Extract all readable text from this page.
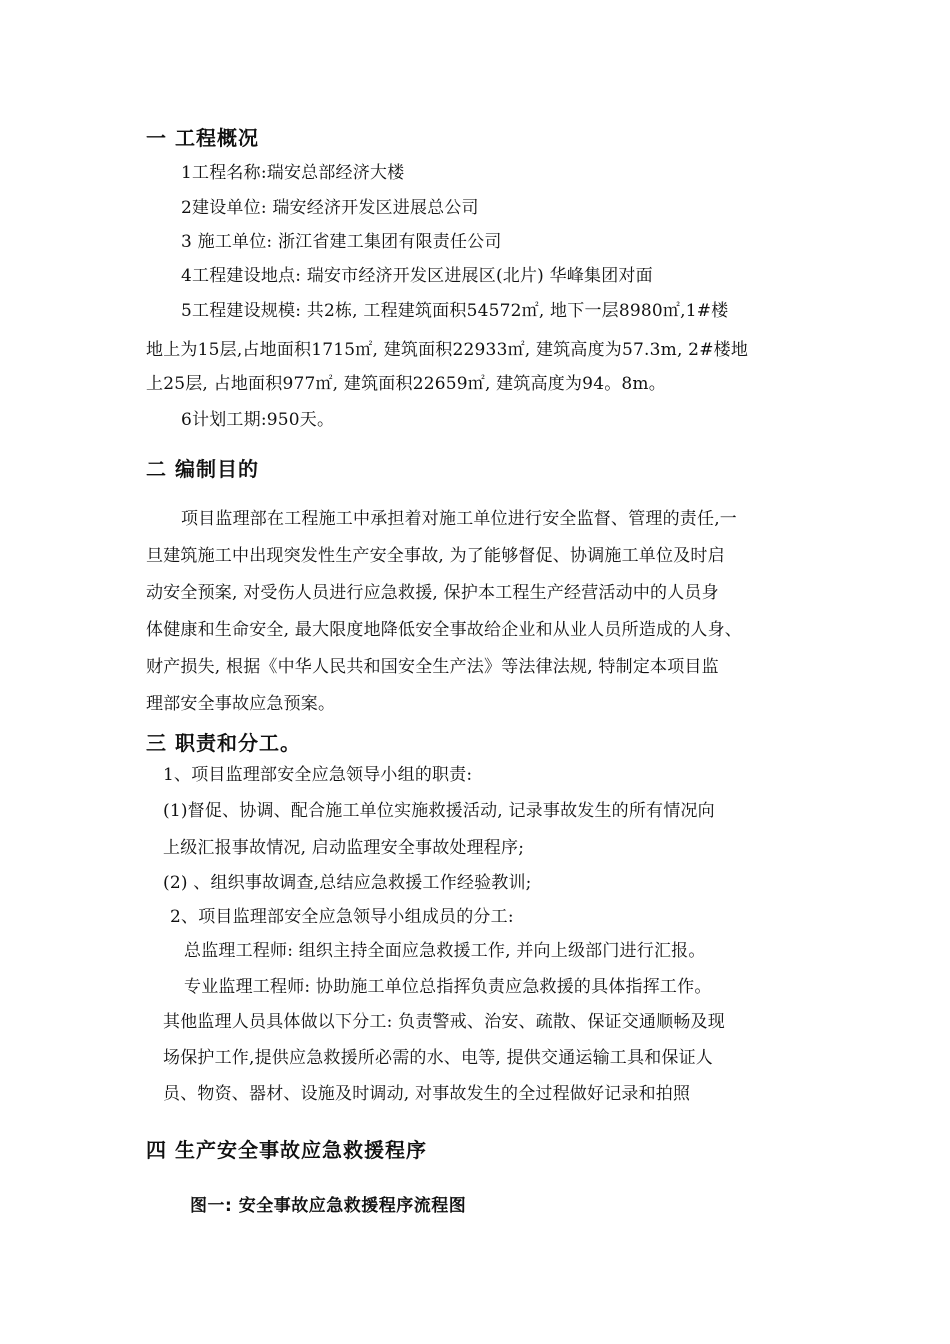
一 工程概况
1工程名称:瑞安总部经济大楼
2建设单位: 瑞安经济开发区进展总公司
3 施工单位: 浙江省建工集团有限责任公司
4工程建设地点: 瑞安市经济开发区进展区(北片) 华峰集团对面
5工程建设规模: 共2栋, 工程建筑面积54572㎡, 地下一层8980㎡,1#楼
地上为15层,占地面积1715㎡, 建筑面积22933㎡, 建筑高度为57.3m, 2#楼地
上25层, 占地面积977㎡, 建筑面积22659㎡, 建筑高度为94。8m。
6计划工期:950天。
二 编制目的
项目监理部在工程施工中承担着对施工单位进行安全监督、管理的责任,一
旦建筑施工中出现突发性生产安全事故, 为了能够督促、协调施工单位及时启
动安全预案, 对受伤人员进行应急救援, 保护本工程生产经营活动中的人员身
体健康和生命安全, 最大限度地降低安全事故给企业和从业人员所造成的人身、
财产损失, 根据《中华人民共和国安全生产法》等法律法规, 特制定本项目监
理部安全事故应急预案。
三 职责和分工。
1、项目监理部安全应急领导小组的职责:
(1)督促、协调、配合施工单位实施救援活动, 记录事故发生的所有情况向
上级汇报事故情况, 启动监理安全事故处理程序;
(2) 、组织事故调查,总结应急救援工作经验教训;
2、项目监理部安全应急领导小组成员的分工:
总监理工程师: 组织主持全面应急救援工作, 并向上级部门进行汇报。
专业监理工程师: 协助施工单位总指挥负责应急救援的具体指挥工作。
其他监理人员具体做以下分工: 负责警戒、治安、疏散、保证交通顺畅及现
场保护工作,提供应急救援所必需的水、电等, 提供交通运输工具和保证人
员、物资、器材、设施及时调动, 对事故发生的全过程做好记录和拍照
四 生产安全事故应急救援程序
图一: 安全事故应急救援程序流程图
